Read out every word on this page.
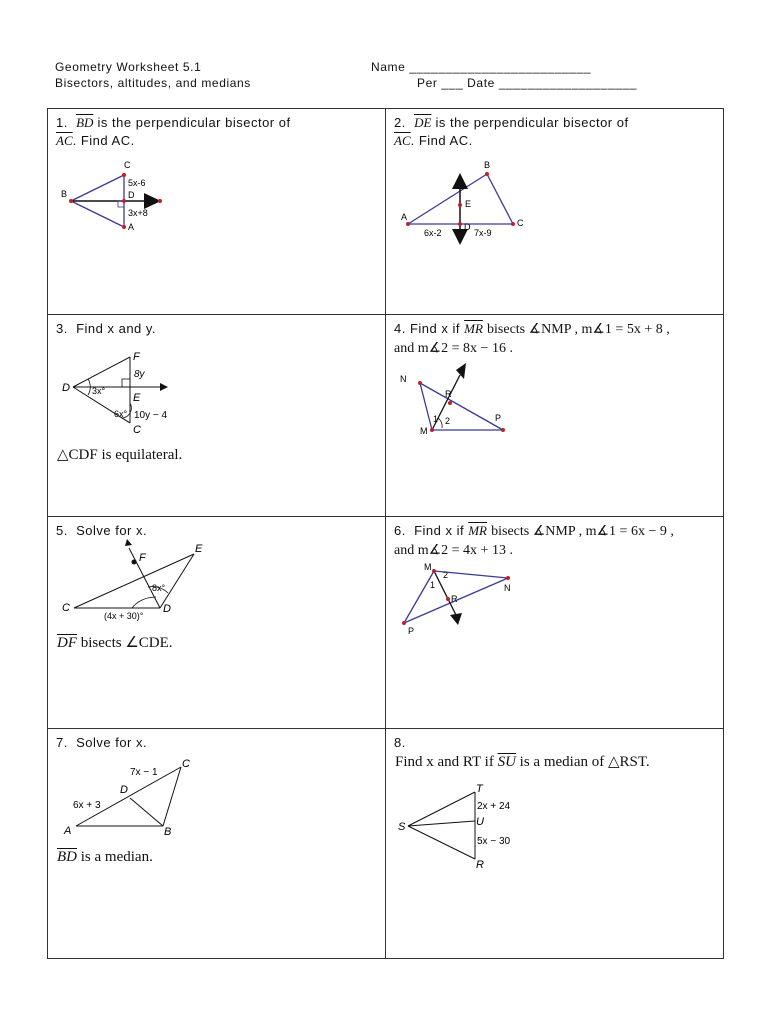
Geometry Worksheet 5.1
Bisectors, altitudes, and medians
Name _________________________
Per ___ Date ___________________
1. $\overline{BD}$ is the perpendicular bisector of
$\overline{AC}$. Find AC.
C
B	D
A
5x-6
3x+8
2. $\overline{DE}$ is the perpendicular bisector of
$\overline{AC}$. Find AC.
A
B
C
D
E
6x-2	7x-9
3. Find x and y.
D
F
E
C
3x°
6x°
8y
10y − 4
△CDF is equilateral.
4. Find x if $\overline{MR}$ bisects ∡NMP , m∡1 = 5x + 8 ,
and m∡2 = 8x − 16 .
N
R
M
P
1 2
5. Solve for x.
F
E
C	D
8x°
(4x + 30)°
$\overline{DF}$ bisects ∠CDE.
6. Find x if $\overline{MR}$ bisects ∡NMP , m∡1 = 6x − 9 ,
and m∡2 = 4x + 13 .
M
N
P
R
1
2
7. Solve for x.
C
D
A	B
7x − 1
6x + 3
$\overline{BD}$ is a median.
8.
Find x and RT if $\overline{SU}$ is a median of △RST.
S
T
U
R
2x + 24
5x − 30
